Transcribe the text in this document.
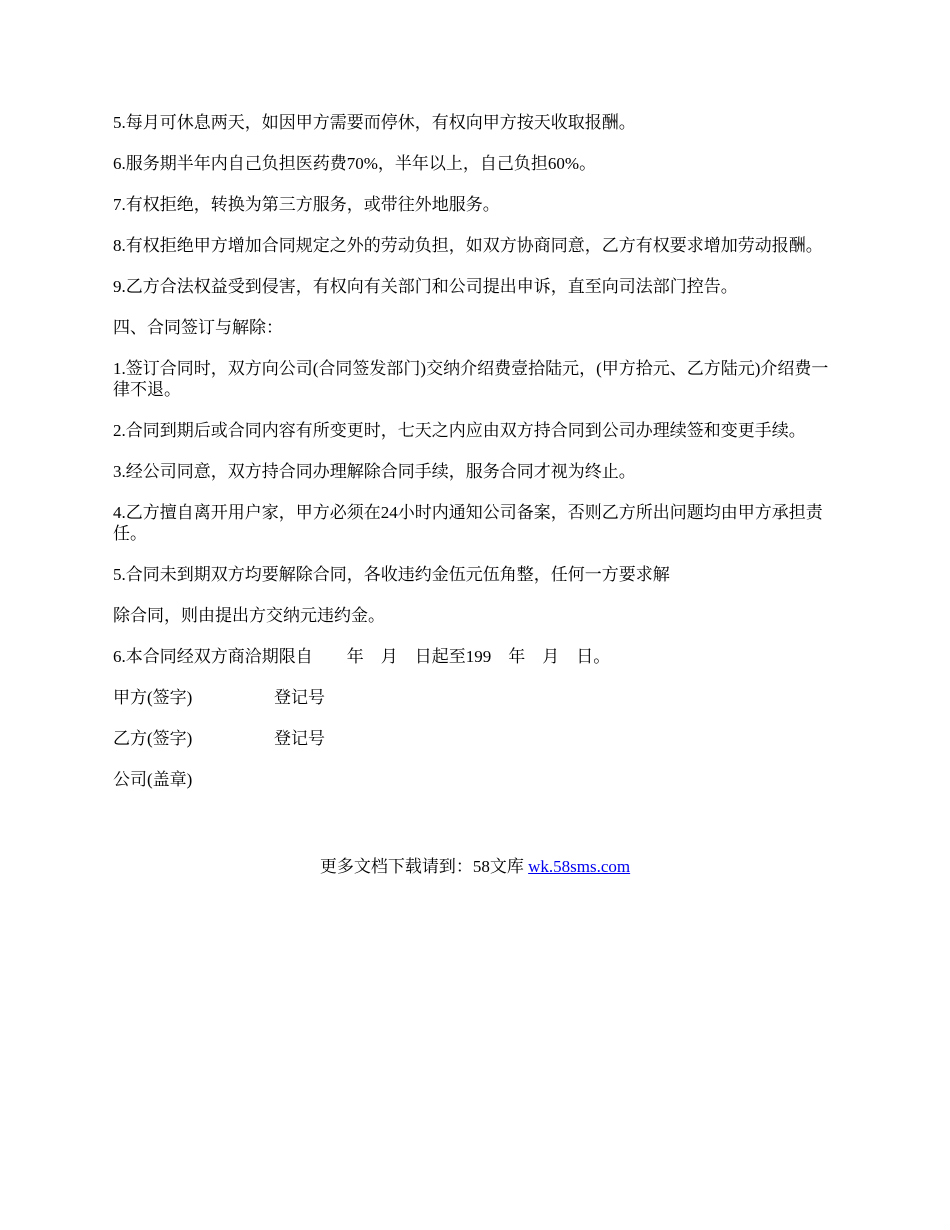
5.每月可休息两天，如因甲方需要而停休，有权向甲方按天收取报酬。

6.服务期半年内自己负担医药费70%，半年以上，自己负担60%。

7.有权拒绝，转换为第三方服务，或带往外地服务。

8.有权拒绝甲方增加合同规定之外的劳动负担，如双方协商同意，乙方有权要求增加劳动报酬。

9.乙方合法权益受到侵害，有权向有关部门和公司提出申诉，直至向司法部门控告。

四、合同签订与解除：

1.签订合同时，双方向公司(合同签发部门)交纳介绍费壹拾陆元，(甲方拾元、乙方陆元)介绍费一律不退。

2.合同到期后或合同内容有所变更时，七天之内应由双方持合同到公司办理续签和变更手续。

3.经公司同意，双方持合同办理解除合同手续，服务合同才视为终止。

4.乙方擅自离开用户家，甲方必须在24小时内通知公司备案，否则乙方所出问题均由甲方承担责任。

5.合同未到期双方均要解除合同，各收违约金伍元伍角整，任何一方要求解

除合同，则由提出方交纳元违约金。

6.本合同经双方商洽期限自　　年　月　日起至199　年　月　日。

甲方(签字)	登记号
乙方(签字)	登记号
公司(盖章)
更多文档下载请到：58文库 wk.58sms.com
